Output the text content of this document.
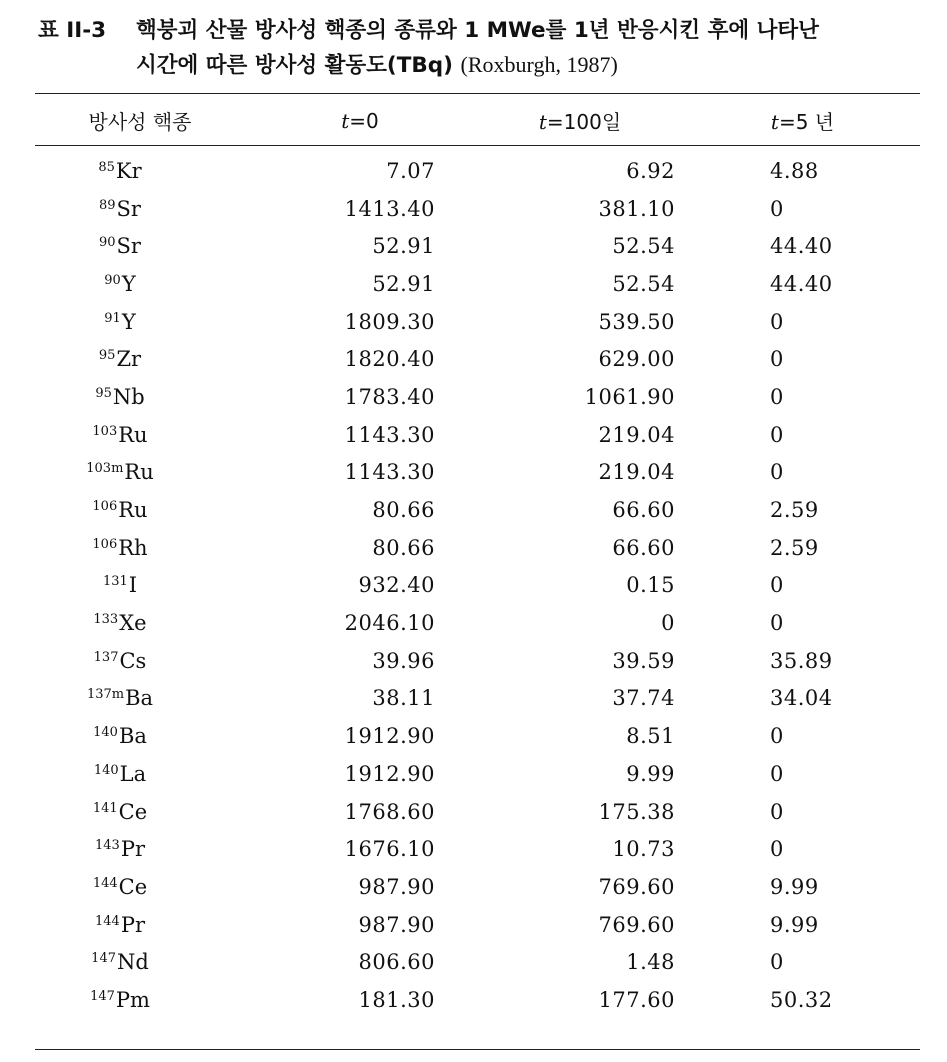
표 II-3 핵붕괴 산물 방사성 핵종의 종류와 1 MWe를 1년 반응시킨 후에 나타난
시간에 따른 방사성 활동도(TBq) (Roxburgh, 1987)
방사성 핵종	t=0	t=100일	t=5 년
$^{85}$Kr	7.07	6.92	4.88
$^{89}$Sr	1413.40	381.10	0
$^{90}$Sr	52.91	52.54	44.40
$^{90}$Y	52.91	52.54	44.40
$^{91}$Y	1809.30	539.50	0
$^{95}$Zr	1820.40	629.00	0
$^{95}$Nb	1783.40	1061.90	0
$^{103}$Ru	1143.30	219.04	0
$^{103m}$Ru	1143.30	219.04	0
$^{106}$Ru	80.66	66.60	2.59
$^{106}$Rh	80.66	66.60	2.59
$^{131}$I	932.40	0.15	0
$^{133}$Xe	2046.10	0	0
$^{137}$Cs	39.96	39.59	35.89
$^{137m}$Ba	38.11	37.74	34.04
$^{140}$Ba	1912.90	8.51	0
$^{140}$La	1912.90	9.99	0
$^{141}$Ce	1768.60	175.38	0
$^{143}$Pr	1676.10	10.73	0
$^{144}$Ce	987.90	769.60	9.99
$^{144}$Pr	987.90	769.60	9.99
$^{147}$Nd	806.60	1.48	0
$^{147}$Pm	181.30	177.60	50.32
